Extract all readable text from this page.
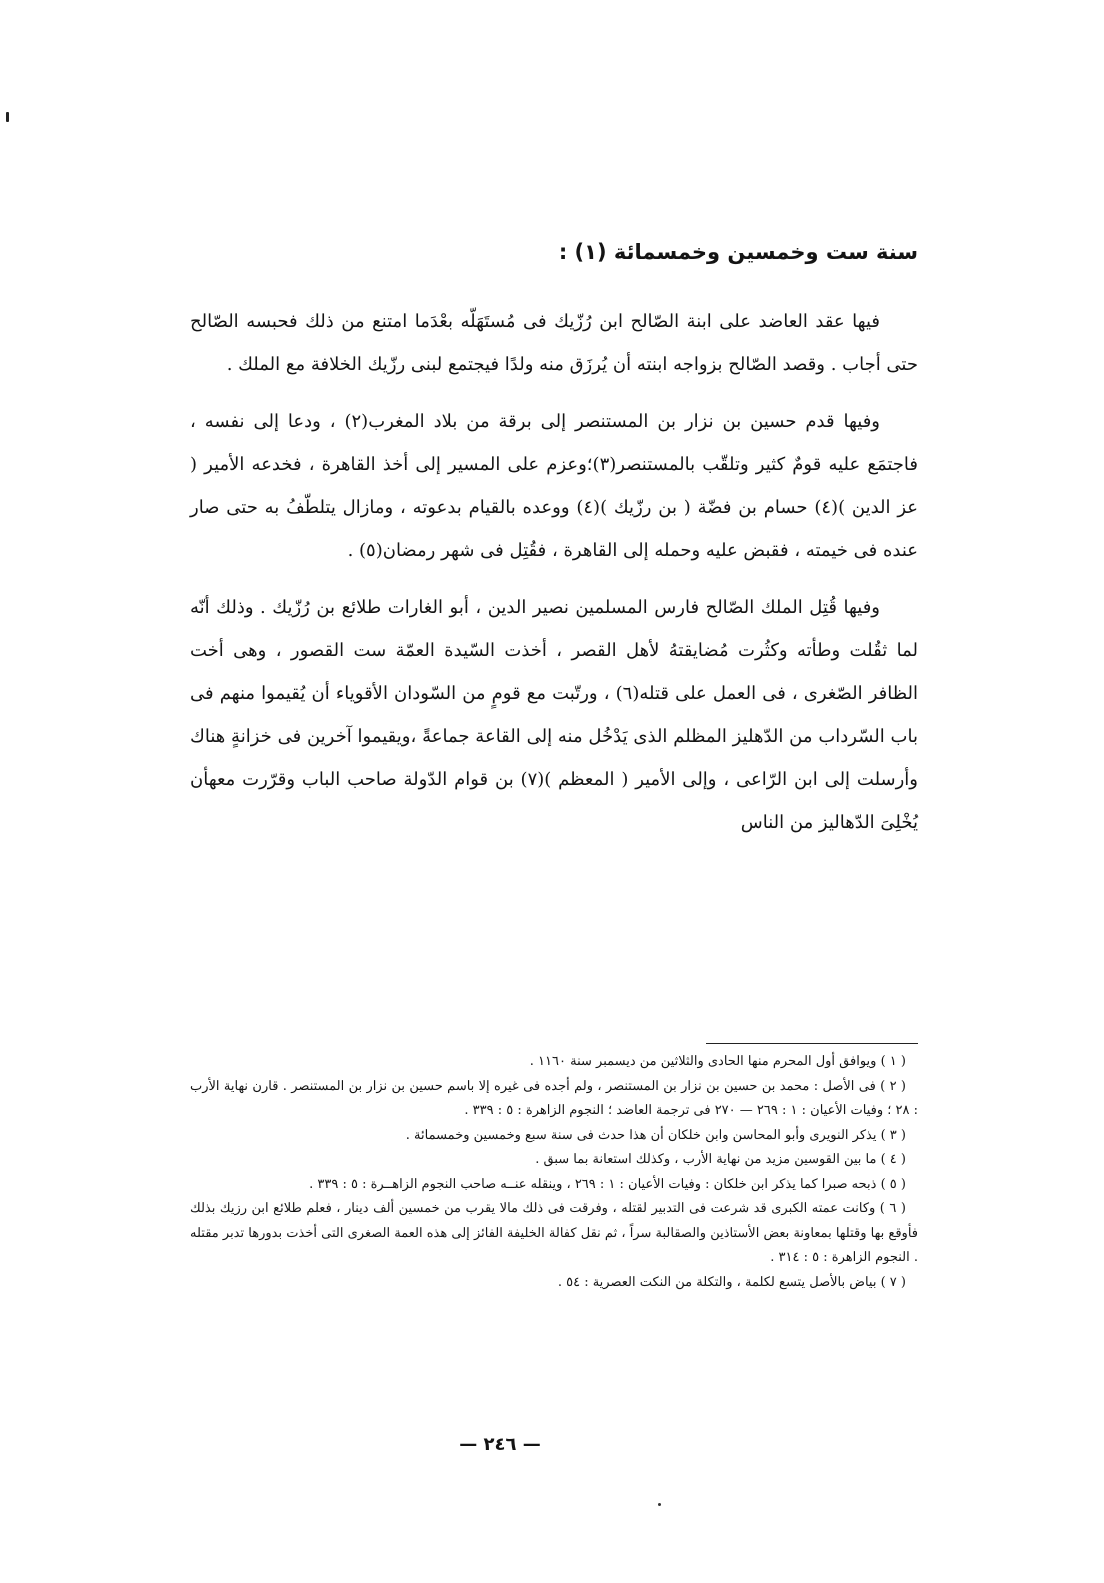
سنة ست وخمسين وخمسمائة (١) :

فيها عقد العاضد على ابنة الصّالح ابن رُزّيك فى مُستَهَلّه بعْدَما امتنع من ذلك فحبسه الصّالح حتى أجاب . وقصد الصّالح بزواجه ابنته أن يُرزَق منه ولدًا فيجتمع لبنى رزّيك الخلافة مع الملك .

وفيها قدم حسين بن نزار بن المستنصر إلى برقة من بلاد المغرب(٢) ، ودعا إلى نفسه ، فاجتمَع عليه قومٌ كثير وتلقّب بالمستنصر(٣)؛وعزم على المسير إلى أخذ القاهرة ، فخدعه الأمير ( عز الدين )(٤) حسام بن فضّة ( بن رزّيك )(٤) ووعده بالقيام بدعوته ، ومازال يتلطّفُ به حتى صار عنده فى خيمته ، فقبض عليه وحمله إلى القاهرة ، فقُتِل فى شهر رمضان(٥) .

وفيها قُتِل الملك الصّالح فارس المسلمين نصير الدين ، أبو الغارات طلائع بن رُزّيك . وذلك أنّه لما ثقُلت وطأته وكثُرت مُضايقتهُ لأهل القصر ، أخذت السّيدة العمّة ست القصور ، وهى أخت الظافر الصّغرى ، فى العمل على قتله(٦) ، ورتّبت مع قومٍ من السّودان الأقوياء أن يُقيموا منهم فى باب السّرداب من الدّهليز المظلم الذى يَدْخُل منه إلى القاعة جماعةً ،ويقيموا آخرين فى خزانةٍ هناك وأرسلت إلى ابن الرّاعى ، وإلى الأمير ( المعظم )(٧) بن قوام الدّولة صاحب الباب وقرّرت معهأن يُخْلِىَ الدّهاليز من الناس

( ١ ) ويوافق أول المحرم منها الحادى والثلاثين من ديسمبر سنة ١١٦٠ .

( ٢ ) فى الأصل : محمد بن حسين بن نزار بن المستنصر ، ولم أجده فى غيره إلا باسم حسين بن نزار بن المستنصر . قارن نهاية الأرب : ٢٨ ؛ وفيات الأعيان : ١ : ٢٦٩ — ٢٧٠ فى ترجمة العاضد ؛ النجوم الزاهرة : ٥ : ٣٣٩ .

( ٣ ) يذكر النويرى وأبو المحاسن وابن خلكان أن هذا حدث فى سنة سبع وخمسين وخمسمائة .

( ٤ ) ما بين القوسين مزيد من نهاية الأرب ، وكذلك استعانة بما سبق .

( ٥ ) ذبحه صبرا كما يذكر ابن خلكان : وفيات الأعيان : ١ : ٢٦٩ ، وينقله عنــه صاحب النجوم الزاهــرة : ٥ : ٣٣٩ .

( ٦ ) وكانت عمته الكبرى قد شرعت فى التدبير لقتله ، وفرقت فى ذلك مالا يقرب من خمسين ألف دينار ، فعلم طلائع ابن رزيك بذلك فأوقع بها وقتلها بمعاونة بعض الأستاذين والصقالبة سراً ، ثم نقل كفالة الخليفة الفائز إلى هذه العمة الصغرى التى أخذت بدورها تدبر مقتله . النجوم الزاهرة : ٥ : ٣١٤ .

( ٧ ) بياض بالأصل يتسع لكلمة ، والتكلة من النكت العصرية : ٥٤ .

— ٢٤٦ —
